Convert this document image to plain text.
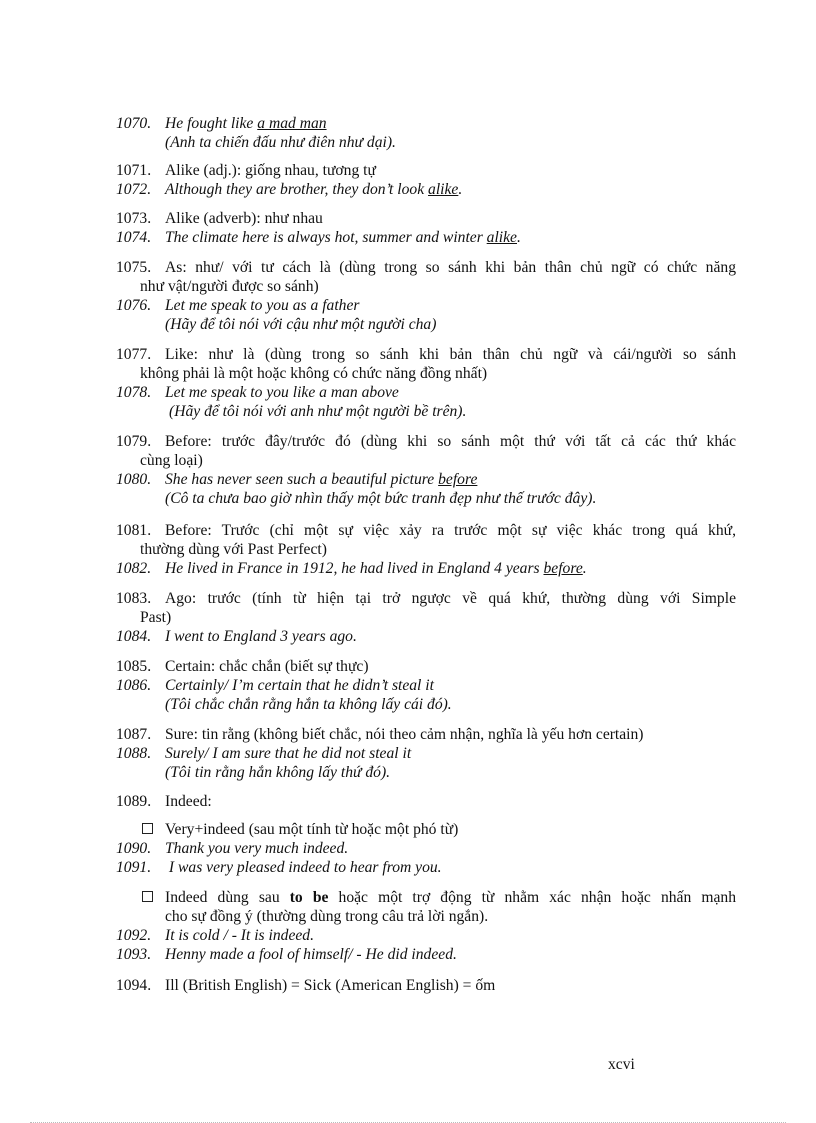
1070. He fought like a mad man
(Anh ta chiến đấu như điên như dại).
1071. Alike (adj.): giống nhau, tương tự
1072. Although they are brother, they don’t look alike.
1073. Alike (adverb): như nhau
1074. The climate here is always hot, summer and winter alike.
1075. As: như/ với tư cách là (dùng trong so sánh khi bản thân chủ ngữ có chức năng
như vật/người được so sánh)
1076. Let me speak to you as a father
(Hãy để tôi nói với cậu như một người cha)
1077. Like: như là (dùng trong so sánh khi bản thân chủ ngữ và cái/người so sánh
không phải là một hoặc không có chức năng đồng nhất)
1078. Let me speak to you like a man above
(Hãy để tôi nói với anh như một người bề trên).
1079. Before: trước đây/trước đó (dùng khi so sánh một thứ với tất cả các thứ khác
cùng loại)
1080. She has never seen such a beautiful picture before
(Cô ta chưa bao giờ nhìn thấy một bức tranh đẹp như thế trước đây).
1081. Before: Trước (chỉ một sự việc xảy ra trước một sự việc khác trong quá khứ,
thường dùng với Past Perfect)
1082. He lived in France in 1912, he had lived in England 4 years before.
1083. Ago: trước (tính từ hiện tại trở ngược về quá khứ, thường dùng với Simple
Past)
1084. I went to England 3 years ago.
1085. Certain: chắc chắn (biết sự thực)
1086. Certainly/ I’m certain that he didn’t steal it
(Tôi chắc chắn rằng hắn ta không lấy cái đó).
1087. Sure: tin rằng (không biết chắc, nói theo cảm nhận, nghĩa là yếu hơn certain)
1088. Surely/ I am sure that he did not steal it
(Tôi tin rằng hắn không lấy thứ đó).
1089. Indeed:
Very+indeed (sau một tính từ hoặc một phó từ)
1090. Thank you very much indeed.
1091. I was very pleased indeed to hear from you.
Indeed dùng sau to be hoặc một trợ động từ nhằm xác nhận hoặc nhấn mạnh
cho sự đồng ý (thường dùng trong câu trả lời ngắn).
1092. It is cold / - It is indeed.
1093. Henny made a fool of himself/ - He did indeed.
1094. Ill (British English) = Sick (American English) = ốm
xcvi
